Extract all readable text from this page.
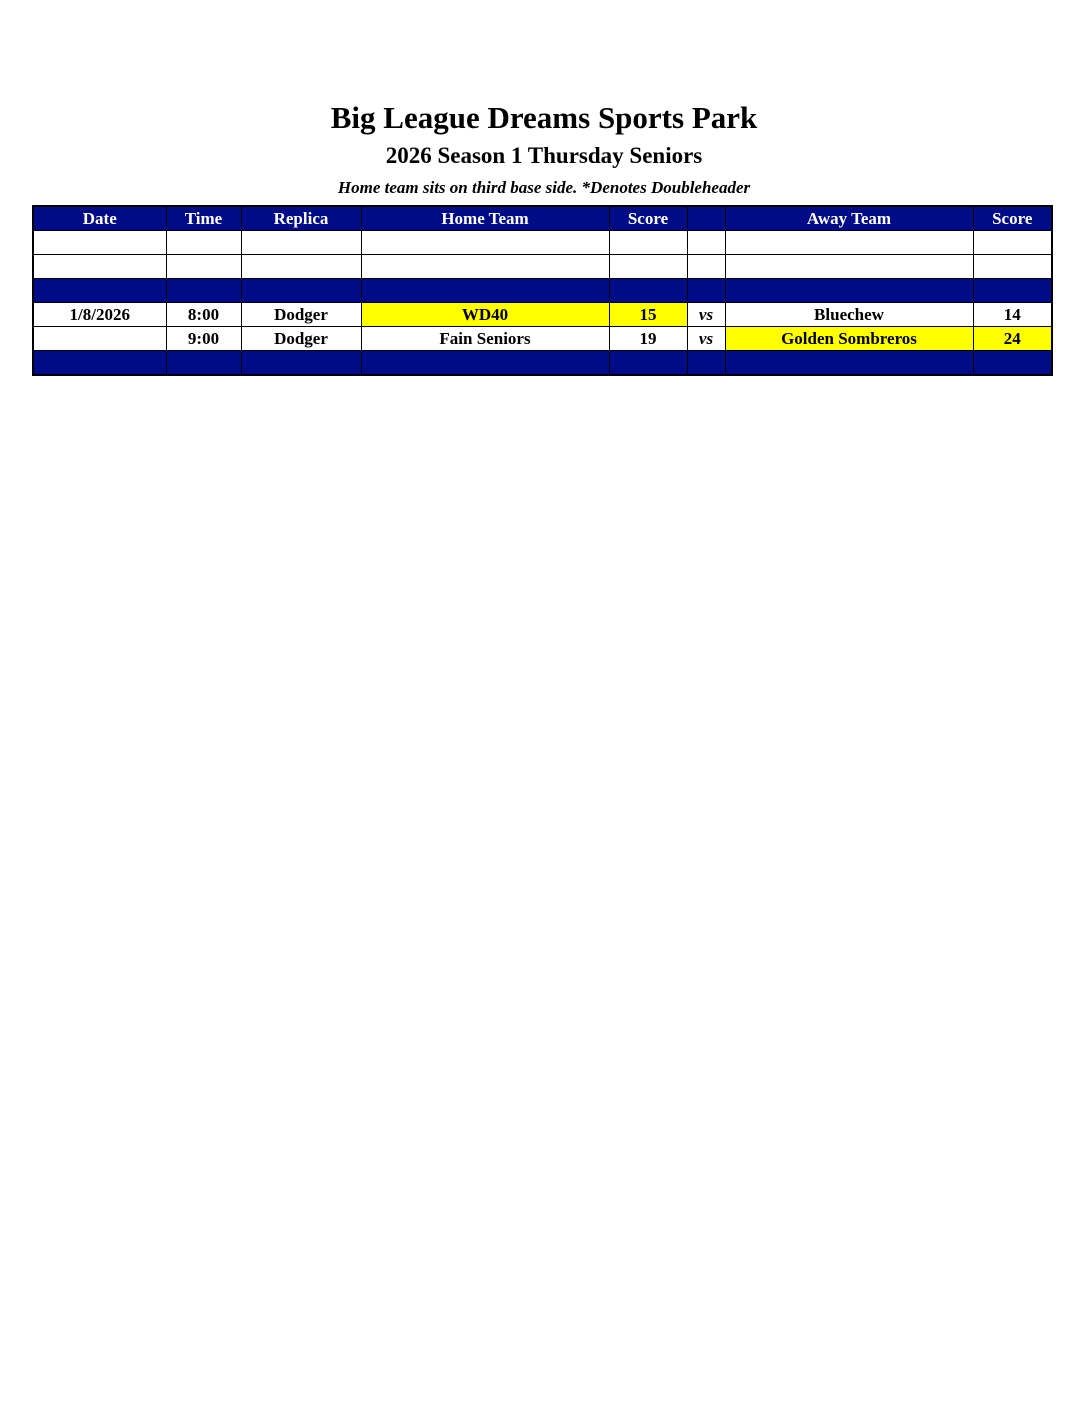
Big League Dreams Sports Park
2026 Season 1 Thursday Seniors
Home team sits on third base side. *Denotes Doubleheader
Date	Time	Replica	Home Team	Score		Away Team	Score

1/8/2026	8:00	Dodger	WD40	15	vs	Bluechew	14
	9:00	Dodger	Fain Seniors	19	vs	Golden Sombreros	24
